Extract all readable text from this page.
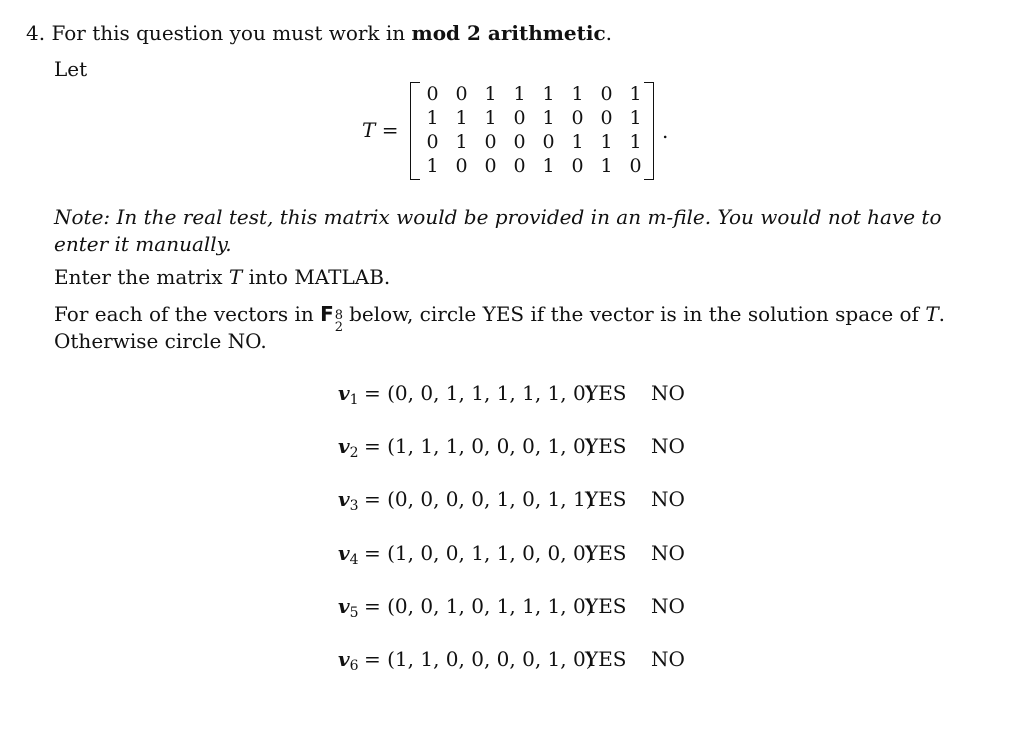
4. For this question you must work in mod 2 arithmetic.
Let
T =
0 0 1 1 1 1 0 1
1 1 1 0 1 0 0 1
0 1 0 0 0 1 1 1
1 0 0 0 1 0 1 0
.
Note: In the real test, this matrix would be provided in an m-file. You would not have to enter it manually.
Enter the matrix T into MATLAB.
For each of the vectors in F 8
2
below, circle YES if the vector is in the solution space of T. Otherwise circle NO.
$v_1 = (0$, 0, 1, 1, 1, 1, 1, 0)
YES NO
$v_2 = (1$, 1, 1, 0, 0, 0, 1, 0)
YES NO
$v_3 = (0$, 0, 0, 0, 1, 0, 1, 1)
YES NO
$v_4 = (1$, 0, 0, 1, 1, 0, 0, 0)
YES NO
$v_5 = (0$, 0, 1, 0, 1, 1, 1, 0)
YES NO
$v_6 = (1$, 1, 0, 0, 0, 0, 1, 0)
YES NO
